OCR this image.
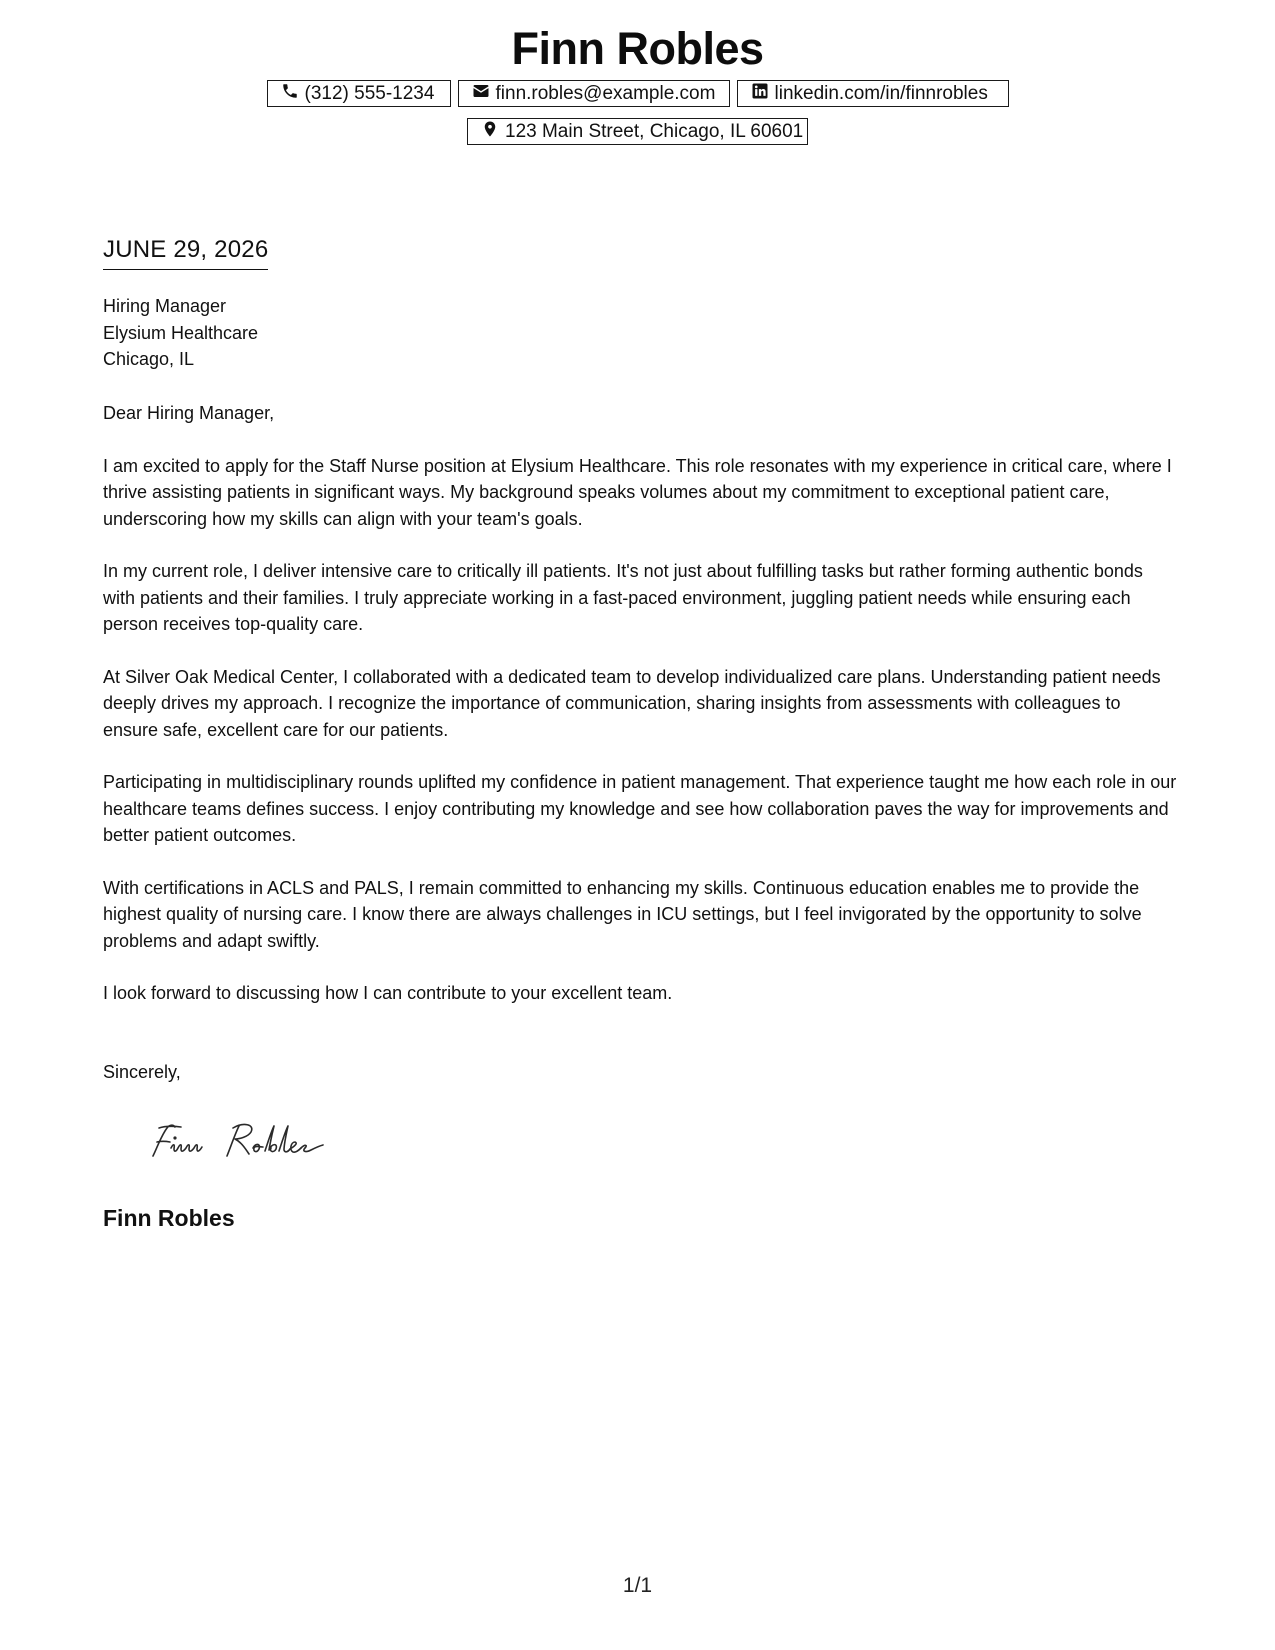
Finn Robles
(312) 555-1234	finn.robles@example.com	linkedin.com/in/finnrobles
123 Main Street, Chicago, IL 60601
JUNE 29, 2026
Hiring Manager
Elysium Healthcare
Chicago, IL

Dear Hiring Manager,

I am excited to apply for the Staff Nurse position at Elysium Healthcare. This role resonates with my experience in critical care, where I thrive assisting patients in significant ways. My background speaks volumes about my commitment to exceptional patient care, underscoring how my skills can align with your team's goals.

In my current role, I deliver intensive care to critically ill patients. It's not just about fulfilling tasks but rather forming authentic bonds with patients and their families. I truly appreciate working in a fast-paced environment, juggling patient needs while ensuring each person receives top-quality care.

At Silver Oak Medical Center, I collaborated with a dedicated team to develop individualized care plans. Understanding patient needs deeply drives my approach. I recognize the importance of communication, sharing insights from assessments with colleagues to ensure safe, excellent care for our patients.

Participating in multidisciplinary rounds uplifted my confidence in patient management. That experience taught me how each role in our healthcare teams defines success. I enjoy contributing my knowledge and see how collaboration paves the way for improvements and better patient outcomes.

With certifications in ACLS and PALS, I remain committed to enhancing my skills. Continuous education enables me to provide the highest quality of nursing care. I know there are always challenges in ICU settings, but I feel invigorated by the opportunity to solve problems and adapt swiftly.

I look forward to discussing how I can contribute to your excellent team.

Sincerely,
Finn Robles
1/1
